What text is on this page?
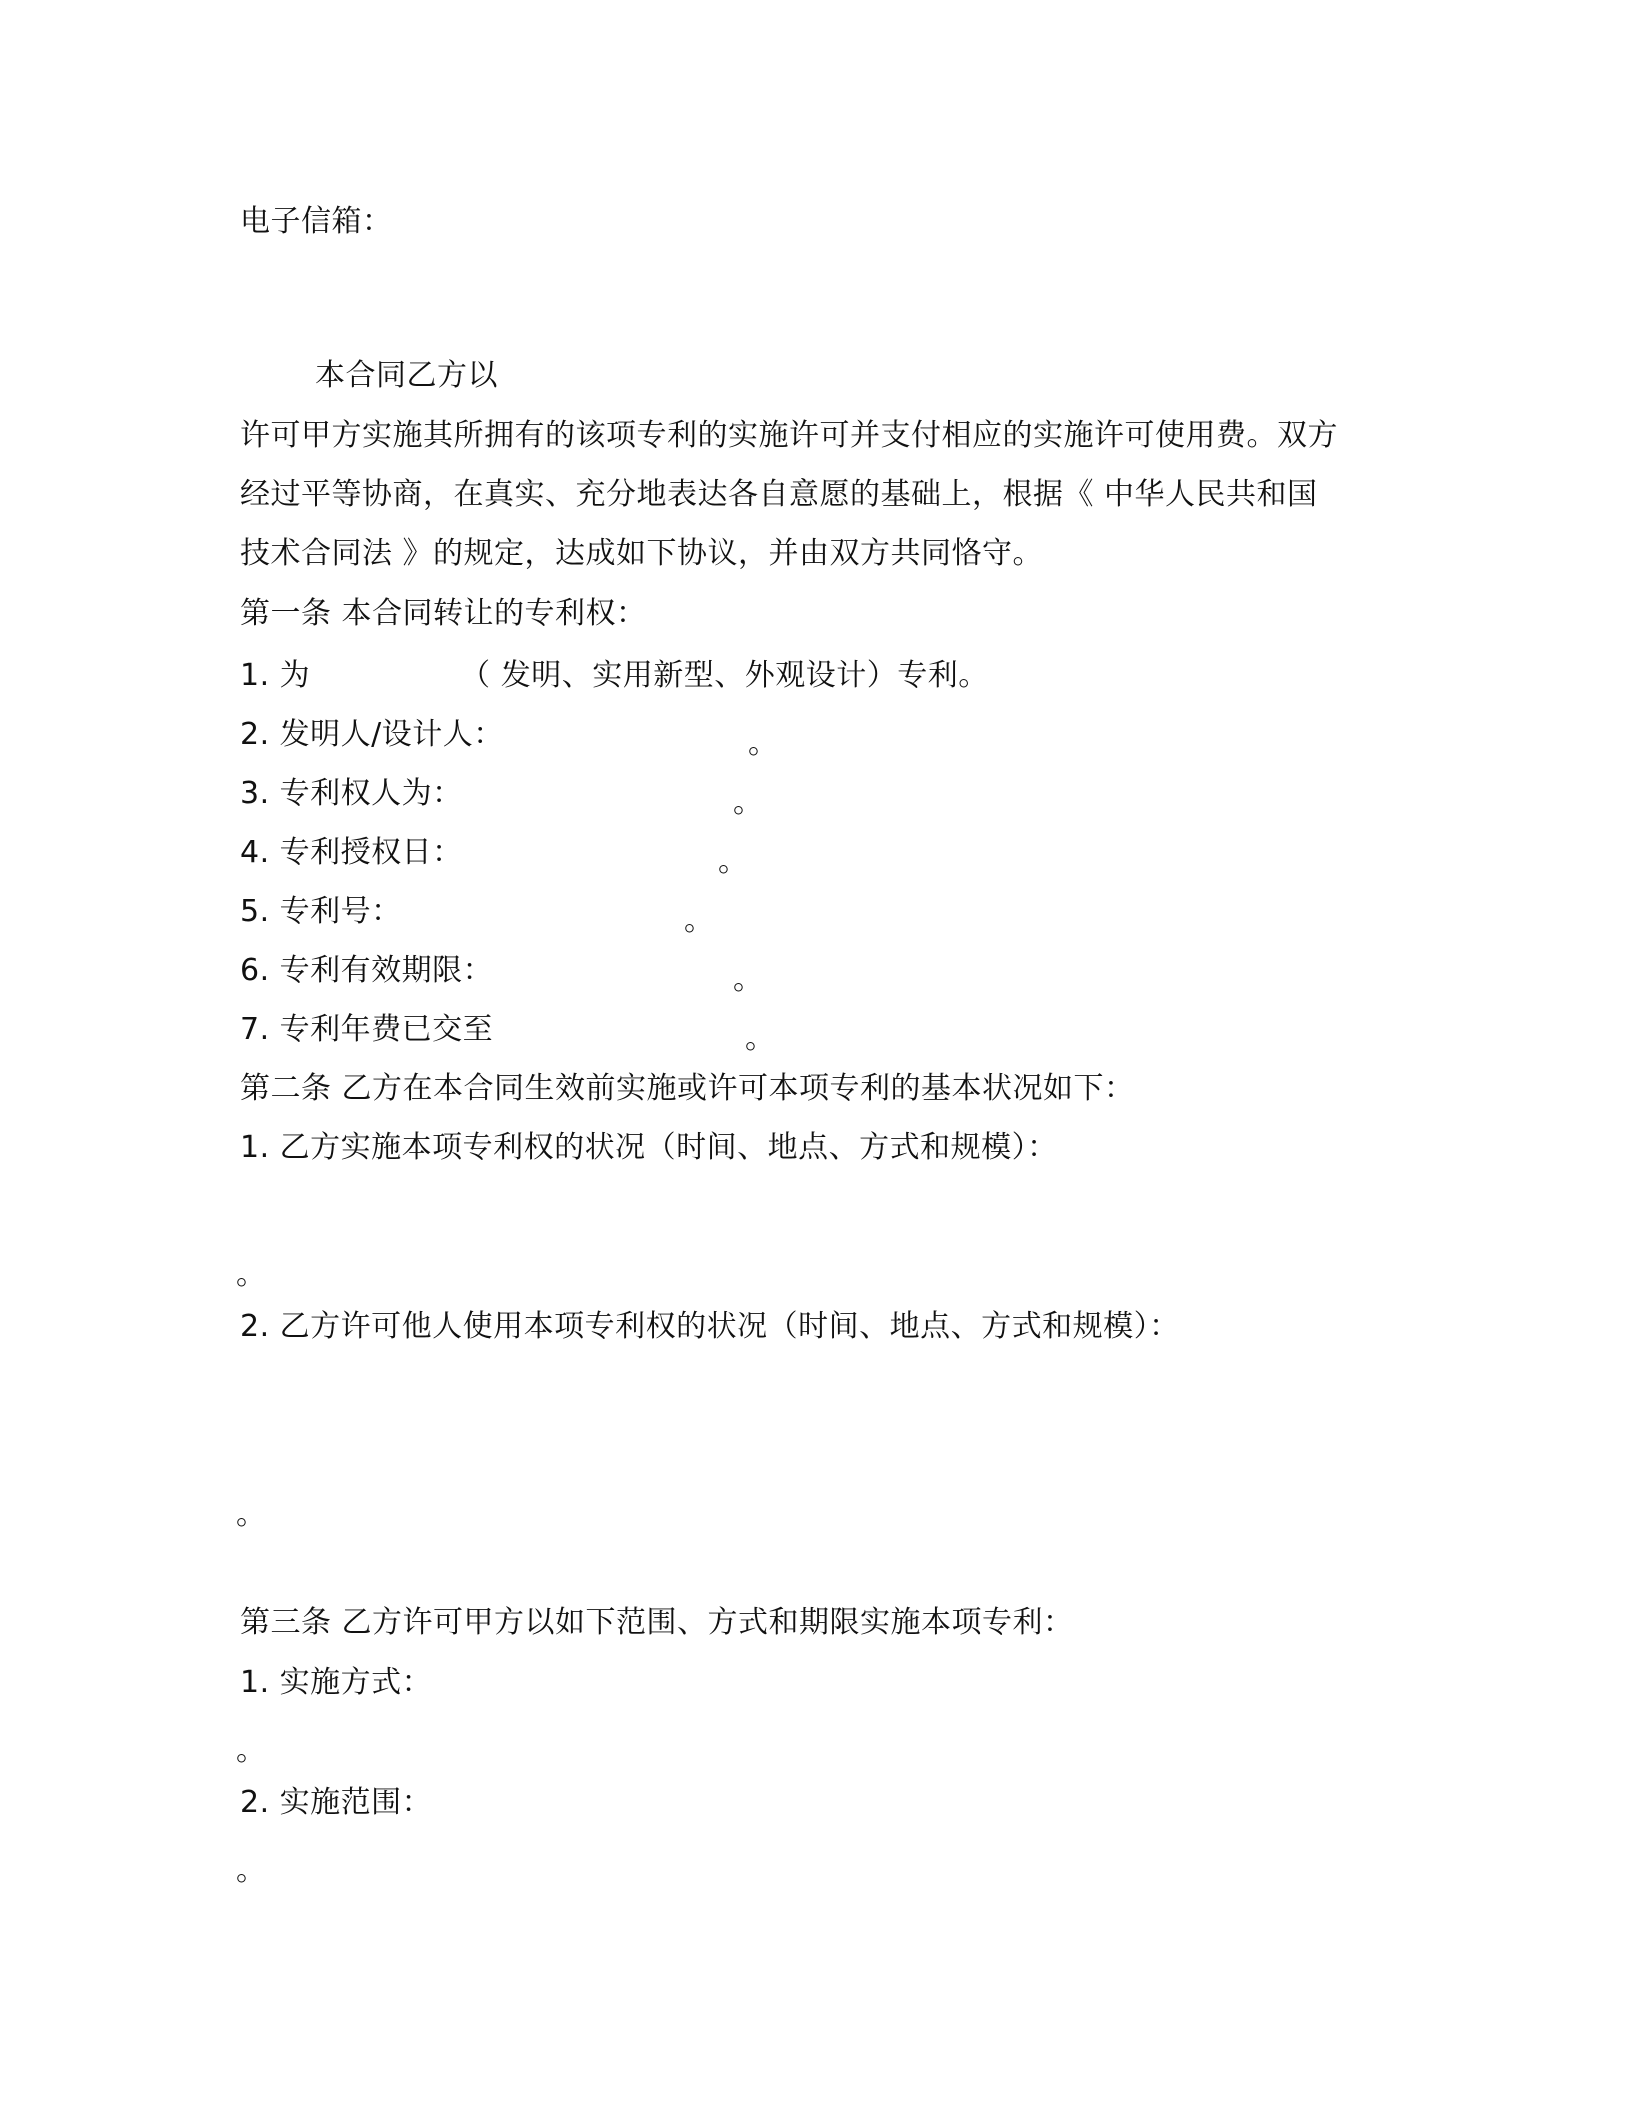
电子信箱：
本合同乙方以
许可甲方实施其所拥有的该项专利的实施许可并支付相应的实施许可使用费。双方
经过平等协商，在真实、充分地表达各自意愿的基础上，根据《 中华人民共和国
技术合同法 》的规定，达成如下协议，并由双方共同恪守。
第一条 本合同转让的专利权：
1. 为	（ 发明、实用新型、外观设计）专利。
2. 发明人/设计人：	。
3. 专利权人为：	。
4. 专利授权日：	。
5. 专利号：	。
6. 专利有效期限：	。
7. 专利年费已交至	。
第二条 乙方在本合同生效前实施或许可本项专利的基本状况如下：
1. 乙方实施本项专利权的状况（时间、地点、方式和规模）：
。
2. 乙方许可他人使用本项专利权的状况（时间、地点、方式和规模）：
。
第三条 乙方许可甲方以如下范围、方式和期限实施本项专利：
1. 实施方式：
。
2. 实施范围：
。
